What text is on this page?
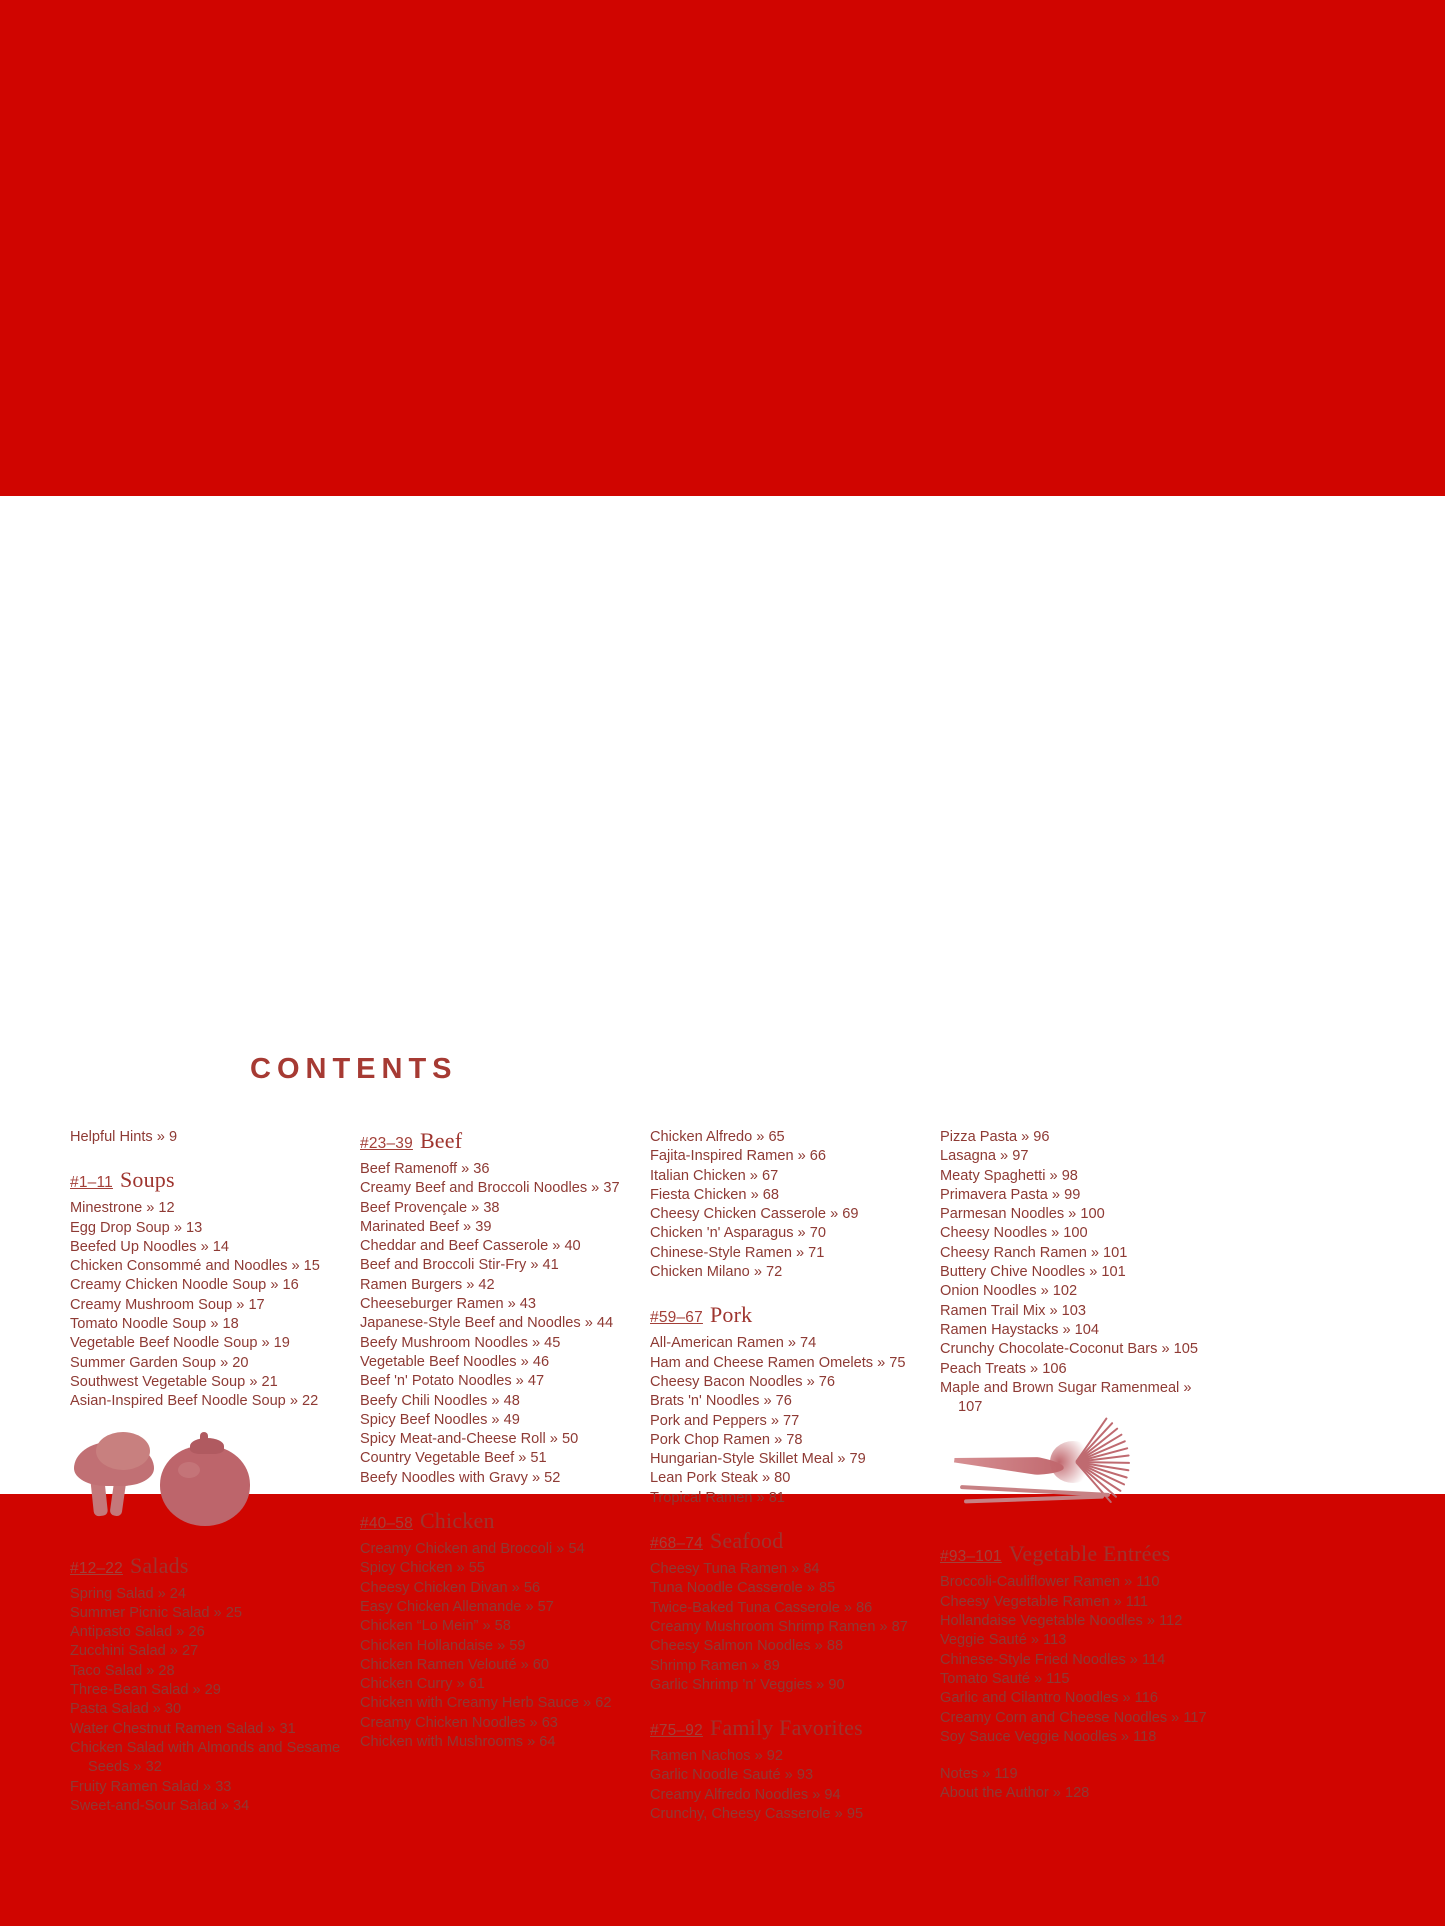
CONTENTS
Helpful Hints » 9
#1–11 Soups
Minestrone » 12
Egg Drop Soup » 13
Beefed Up Noodles » 14
Chicken Consommé and Noodles » 15
Creamy Chicken Noodle Soup » 16
Creamy Mushroom Soup » 17
Tomato Noodle Soup » 18
Vegetable Beef Noodle Soup » 19
Summer Garden Soup » 20
Southwest Vegetable Soup » 21
Asian-Inspired Beef Noodle Soup » 22
#12–22 Salads
Spring Salad » 24
Summer Picnic Salad » 25
Antipasto Salad » 26
Zucchini Salad » 27
Taco Salad » 28
Three-Bean Salad » 29
Pasta Salad » 30
Water Chestnut Ramen Salad » 31
Chicken Salad with Almonds and Sesame Seeds » 32
Fruity Ramen Salad » 33
Sweet-and-Sour Salad » 34
#23–39 Beef
Beef Ramenoff » 36
Creamy Beef and Broccoli Noodles » 37
Beef Provençale » 38
Marinated Beef » 39
Cheddar and Beef Casserole » 40
Beef and Broccoli Stir-Fry » 41
Ramen Burgers » 42
Cheeseburger Ramen » 43
Japanese-Style Beef and Noodles » 44
Beefy Mushroom Noodles » 45
Vegetable Beef Noodles » 46
Beef 'n' Potato Noodles » 47
Beefy Chili Noodles » 48
Spicy Beef Noodles » 49
Spicy Meat-and-Cheese Roll » 50
Country Vegetable Beef » 51
Beefy Noodles with Gravy » 52
#40–58 Chicken
Creamy Chicken and Broccoli » 54
Spicy Chicken » 55
Cheesy Chicken Divan » 56
Easy Chicken Allemande » 57
Chicken “Lo Mein” » 58
Chicken Hollandaise » 59
Chicken Ramen Velouté » 60
Chicken Curry » 61
Chicken with Creamy Herb Sauce » 62
Creamy Chicken Noodles » 63
Chicken with Mushrooms » 64
Chicken Alfredo » 65
Fajita-Inspired Ramen » 66
Italian Chicken » 67
Fiesta Chicken » 68
Cheesy Chicken Casserole » 69
Chicken 'n' Asparagus » 70
Chinese-Style Ramen » 71
Chicken Milano » 72
#59–67 Pork
All-American Ramen » 74
Ham and Cheese Ramen Omelets » 75
Cheesy Bacon Noodles » 76
Brats 'n' Noodles » 76
Pork and Peppers » 77
Pork Chop Ramen » 78
Hungarian-Style Skillet Meal » 79
Lean Pork Steak » 80
Tropical Ramen » 81
#68–74 Seafood
Cheesy Tuna Ramen » 84
Tuna Noodle Casserole » 85
Twice-Baked Tuna Casserole » 86
Creamy Mushroom Shrimp Ramen » 87
Cheesy Salmon Noodles » 88
Shrimp Ramen » 89
Garlic Shrimp 'n' Veggies » 90
#75–92 Family Favorites
Ramen Nachos » 92
Garlic Noodle Sauté » 93
Creamy Alfredo Noodles » 94
Crunchy, Cheesy Casserole » 95
Pizza Pasta » 96
Lasagna » 97
Meaty Spaghetti » 98
Primavera Pasta » 99
Parmesan Noodles » 100
Cheesy Noodles » 100
Cheesy Ranch Ramen » 101
Buttery Chive Noodles » 101
Onion Noodles » 102
Ramen Trail Mix » 103
Ramen Haystacks » 104
Crunchy Chocolate-Coconut Bars » 105
Peach Treats » 106
Maple and Brown Sugar Ramenmeal » 107
#93–101 Vegetable Entrées
Broccoli-Cauliflower Ramen » 110
Cheesy Vegetable Ramen » 111
Hollandaise Vegetable Noodles » 112
Veggie Sauté » 113
Chinese-Style Fried Noodles » 114
Tomato Sauté » 115
Garlic and Cilantro Noodles » 116
Creamy Corn and Cheese Noodles » 117
Soy Sauce Veggie Noodles » 118
Notes » 119
About the Author » 128
